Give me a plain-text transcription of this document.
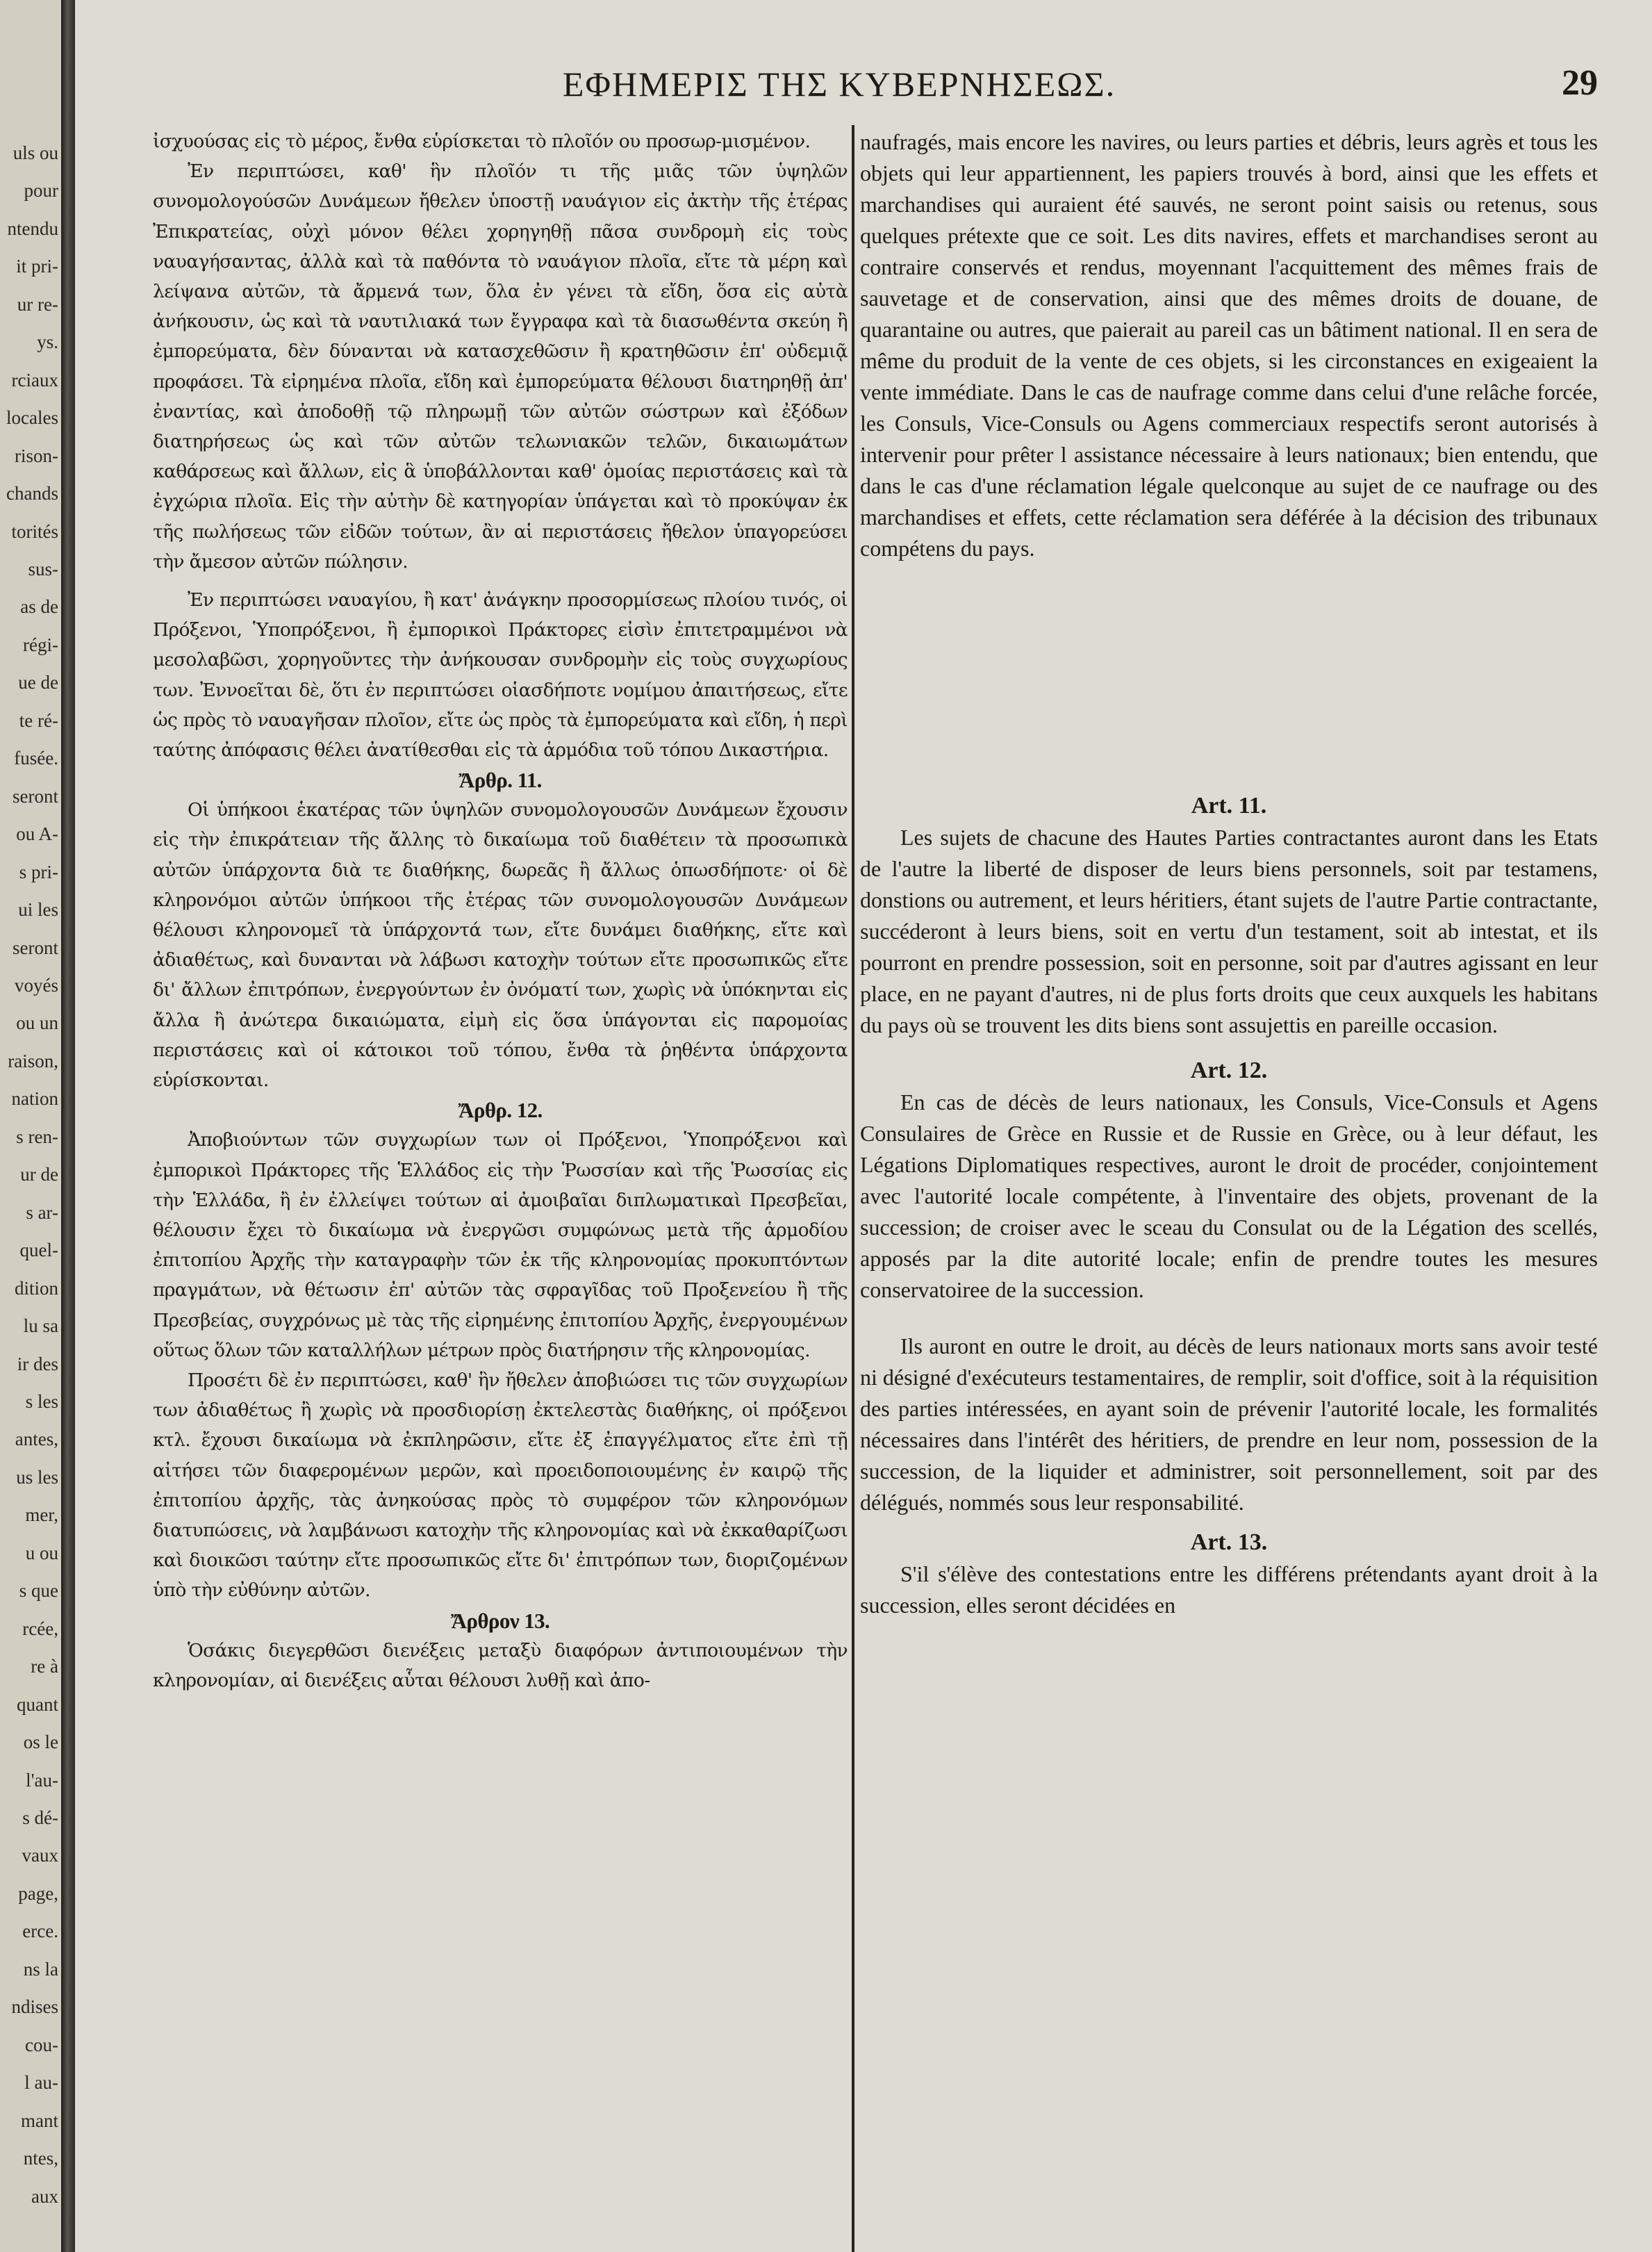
uls ou
pour
ntendu
it pri-
ur re-
ys.
rciaux
locales
rison-
chands
torités
sus-
as de
régi-
ue de
te ré-
fusée.
seront
ou A-
s pri-
ui les
seront
voyés
ou un
raison,
nation
s ren-
ur de
s ar-
quel-
dition
lu sa
ir des
s les
antes,
us les
mer,
u ou
s que
rcée,
re à
quant
os le
l'au-
s dé-
vaux
page,
erce.
ns la
ndises
cou-
l au-
mant
ntes,
aux
ΕΦΗΜΕΡΙΣ ΤΗΣ ΚΥΒΕΡΝΗΣΕΩΣ.	29

ἰσχυούσας εἰς τὸ μέρος, ἔνθα εὑρίσκεται τὸ πλοῖόν ου προσωρ-μισμένον.

Ἐν περιπτώσει, καθ' ἣν πλοῖόν τι τῆς μιᾶς τῶν ὑψηλῶν συνομολογούσῶν Δυνάμεων ἤθελεν ὑποστῇ ναυάγιον εἰς ἀκτὴν τῆς ἑτέρας Ἐπικρατείας, οὐχὶ μόνον θέλει χορηγηθῇ πᾶσα συνδρομὴ εἰς τοὺς ναυαγήσαντας, ἀλλὰ καὶ τὰ παθόντα τὸ ναυάγιον πλοῖα, εἴτε τὰ μέρη καὶ λείψανα αὐτῶν, τὰ ἄρμενά των, ὅλα ἐν γένει τὰ εἴδη, ὅσα εἰς αὐτὰ ἀνήκουσιν, ὡς καὶ τὰ ναυτιλιακά των ἔγγραφα καὶ τὰ διασωθέντα σκεύη ἢ ἐμπορεύματα, δὲν δύνανται νὰ κατασχεθῶσιν ἢ κρατηθῶσιν ἐπ' οὐδεμιᾷ προφάσει. Τὰ εἰρημένα πλοῖα, εἴδη καὶ ἐμπορεύματα θέλουσι διατηρηθῇ ἀπ' ἐναντίας, καὶ ἀποδοθῇ τῷ πληρωμῇ τῶν αὐτῶν σώστρων καὶ ἐξόδων διατηρήσεως ὡς καὶ τῶν αὐτῶν τελωνιακῶν τελῶν, δικαιωμάτων καθάρσεως καὶ ἄλλων, εἰς ἃ ὑποβάλλονται καθ' ὁμοίας περιστάσεις καὶ τὰ ἐγχώρια πλοῖα. Εἰς τὴν αὐτὴν δὲ κατηγορίαν ὑπάγεται καὶ τὸ προκύψαν ἐκ τῆς πωλήσεως τῶν εἰδῶν τούτων, ἂν αἱ περιστάσεις ἤθελον ὑπαγορεύσει τὴν ἄμεσον αὐτῶν πώλησιν.

Ἐν περιπτώσει ναυαγίου, ἢ κατ' ἀνάγκην προσορμίσεως πλοίου τινός, οἱ Πρόξενοι, Ὑποπρόξενοι, ἢ ἐμπορικοὶ Πράκτορες εἰσὶν ἐπιτετραμμένοι νὰ μεσολαβῶσι, χορηγοῦντες τὴν ἀνήκουσαν συνδρομὴν εἰς τοὺς συγχωρίους των. Ἐννοεῖται δὲ, ὅτι ἐν περιπτώσει οἱασδήποτε νομίμου ἀπαιτήσεως, εἴτε ὡς πρὸς τὸ ναυαγῆσαν πλοῖον, εἴτε ὡς πρὸς τὰ ἐμπορεύματα καὶ εἴδη, ἡ περὶ ταύτης ἀπόφασις θέλει ἀνατίθεσθαι εἰς τὰ ἁρμόδια τοῦ τόπου Δικαστήρια.

Ἄρθρ. 11.

Οἱ ὑπήκοοι ἑκατέρας τῶν ὑψηλῶν συνομολογουσῶν Δυνάμεων ἔχουσιν εἰς τὴν ἐπικράτειαν τῆς ἄλλης τὸ δικαίωμα τοῦ διαθέτειν τὰ προσωπικὰ αὐτῶν ὑπάρχοντα διὰ τε διαθήκης, δωρεᾶς ἢ ἄλλως ὁπωσδήποτε· οἱ δὲ κληρονόμοι αὐτῶν ὑπήκοοι τῆς ἑτέρας τῶν συνομολογουσῶν Δυνάμεων θέλουσι κληρονομεῖ τὰ ὑπάρχοντά των, εἴτε δυνάμει διαθήκης, εἴτε καὶ ἀδιαθέτως, καὶ δυνανται νὰ λάβωσι κατοχὴν τούτων εἴτε προσωπικῶς εἴτε δι' ἄλλων ἐπιτρόπων, ἐνεργούντων ἐν ὀνόματί των, χωρὶς νὰ ὑπόκηνται εἰς ἄλλα ἢ ἀνώτερα δικαιώματα, εἰμὴ εἰς ὅσα ὑπάγονται εἰς παρομοίας περιστάσεις καὶ οἱ κάτοικοι τοῦ τόπου, ἔνθα τὰ ῥηθέντα ὑπάρχοντα εὑρίσκονται.

Ἄρθρ. 12.

Ἀποβιούντων τῶν συγχωρίων των οἱ Πρόξενοι, Ὑποπρόξενοι καὶ ἐμπορικοὶ Πράκτορες τῆς Ἑλλάδος εἰς τὴν Ῥωσσίαν καὶ τῆς Ῥωσσίας εἰς τὴν Ἑλλάδα, ἢ ἐν ἐλλείψει τούτων αἱ ἀμοιβαῖαι διπλωματικαὶ Πρεσβεῖαι, θέλουσιν ἔχει τὸ δικαίωμα νὰ ἐνεργῶσι συμφώνως μετὰ τῆς ἁρμοδίου ἐπιτοπίου Ἀρχῆς τὴν καταγραφὴν τῶν ἐκ τῆς κληρονομίας προκυπτόντων πραγμάτων, νὰ θέτωσιν ἐπ' αὐτῶν τὰς σφραγῖδας τοῦ Προξενείου ἢ τῆς Πρεσβείας, συγχρόνως μὲ τὰς τῆς εἰρημένης ἐπιτοπίου Ἀρχῆς, ἐνεργουμένων οὕτως ὅλων τῶν καταλλήλων μέτρων πρὸς διατήρησιν τῆς κληρονομίας.

Προσέτι δὲ ἐν περιπτώσει, καθ' ἣν ἤθελεν ἀποβιώσει τις τῶν συγχωρίων των ἀδιαθέτως ἢ χωρὶς νὰ προσδιορίσῃ ἐκτελεστὰς διαθήκης, οἱ πρόξενοι κτλ. ἔχουσι δικαίωμα νὰ ἐκπληρῶσιν, εἴτε ἐξ ἐπαγγέλματος εἴτε ἐπὶ τῇ αἰτήσει τῶν διαφερομένων μερῶν, καὶ προειδοποιουμένης ἐν καιρῷ τῆς ἐπιτοπίου ἀρχῆς, τὰς ἀνηκούσας πρὸς τὸ συμφέρον τῶν κληρονόμων διατυπώσεις, νὰ λαμβάνωσι κατοχὴν τῆς κληρονομίας καὶ νὰ ἐκκαθαρίζωσι καὶ διοικῶσι ταύτην εἴτε προσωπικῶς εἴτε δι' ἐπιτρόπων των, διοριζομένων ὑπὸ τὴν εὐθύνην αὐτῶν.

Ἄρθρον 13.

Ὁσάκις διεγερθῶσι διενέξεις μεταξὺ διαφόρων ἀντιποιουμένων τὴν κληρονομίαν, αἱ διενέξεις αὗται θέλουσι λυθῇ καὶ ἀπο-

naufragés, mais encore les navires, ou leurs parties et débris, leurs agrès et tous les objets qui leur appartiennent, les papiers trouvés à bord, ainsi que les effets et marchandises qui auraient été sauvés, ne seront point saisis ou retenus, sous quelques prétexte que ce soit. Les dits navires, effets et marchandises seront au contraire conservés et rendus, moyennant l'acquittement des mêmes frais de sauvetage et de conservation, ainsi que des mêmes droits de douane, de quarantaine ou autres, que paierait au pareil cas un bâtiment national. Il en sera de même du produit de la vente de ces objets, si les circonstances en exigeaient la vente immédiate. Dans le cas de naufrage comme dans celui d'une relâche forcée, les Consuls, Vice-Consuls ou Agens commerciaux respectifs seront autorisés à intervenir pour prêter l assistance nécessaire à leurs nationaux; bien entendu, que dans le cas d'une réclamation légale quelconque au sujet de ce naufrage ou des marchandises et effets, cette réclamation sera déférée à la décision des tribunaux compétens du pays.

Art. 11.

Les sujets de chacune des Hautes Parties contractantes auront dans les Etats de l'autre la liberté de disposer de leurs biens personnels, soit par testamens, donstions ou autrement, et leurs héritiers, étant sujets de l'autre Partie contractante, succéderont à leurs biens, soit en vertu d'un testament, soit ab intestat, et ils pourront en prendre possession, soit en personne, soit par d'autres agissant en leur place, en ne payant d'autres, ni de plus forts droits que ceux auxquels les habitans du pays où se trouvent les dits biens sont assujettis en pareille occasion.

Art. 12.

En cas de décès de leurs nationaux, les Consuls, Vice-Consuls et Agens Consulaires de Grèce en Russie et de Russie en Grèce, ou à leur défaut, les Légations Diplomatiques respectives, auront le droit de procéder, conjointement avec l'autorité locale compétente, à l'inventaire des objets, provenant de la succession; de croiser avec le sceau du Consulat ou de la Légation des scellés, apposés par la dite autorité locale; enfin de prendre toutes les mesures conservatoiree de la succession.

Ils auront en outre le droit, au décès de leurs nationaux morts sans avoir testé ni désigné d'exécuteurs testamentaires, de remplir, soit d'office, soit à la réquisition des parties intéressées, en ayant soin de prévenir l'autorité locale, les formalités nécessaires dans l'intérêt des héritiers, de prendre en leur nom, possession de la succession, de la liquider et administrer, soit personnellement, soit par des délégués, nommés sous leur responsabilité.

Art. 13.

S'il s'élève des contestations entre les différens prétendants ayant droit à la succession, elles seront décidées en
